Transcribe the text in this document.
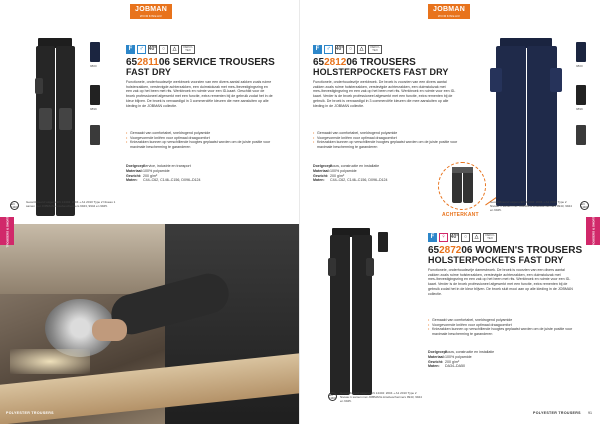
JOBMAN
WORKWEAR
9800
9899
F	♂ 40°	○	△	OEKO-TEX
65281106 SERVICE TROUSERS
FAST DRY
Functionele, onderhoudsvrije werkbroek voorzien van een divers aantal zakken zoals ruime holsterzakken, verstevigde achterzakken, een duimstokzak met mes-/bevestigingsring en een zak op het been met rits. Werkbroek en ruimte voor een ID-kaart. Geschikt voor de broek professioneel afgewerkt met een functie, extra rementen bij de gebruik zodat het in de kleur blijven. De broek is vervaardigd in 3 commerciële kleuren die mee aansluiten op alle kleding in de JOBMAN collectie.
• Gemaakt van comfortabel, sneldrogend polyamide
• Voorgevormde kniëen voor optimaal draagcomfort
• Kniezakken kunnen op verschillende hoogtes geplaatst worden om de juiste positie voor maximale bescherming te garanderen
Doelgroep:
Service, industrie en transport
Materiaal: 100% polyamide
Gewicht: 200 g/m²
Maten:	C44–C62, C146–C156, D096–D124
Gecertificeerd volgens EN 14404: 2004 + A1 2010 Type 2 Niveau 1 samen met JOBMANs kniebeschermers 9943, 9944 en 9945.
EN 14404
JOBMAN
WORKWEAR
F	♂ 40°	○	△	OEKO-TEX
65281206 TROUSERS
HOLSTERPOCKETS FAST DRY
Functionele, onderhoudsvrije werkbroek. De broek is voorzien van een divers aantal zakken zoals ruime holsterzakken, verstevigde achterzakken, een duimstokzak met mes-/bevestigingsring en een zak op het been met rits. Werkbroek en ruimte voor een ID-kaart. Verder is de broek professioneel afgewerkt met een functie, extra rementen bij de gebruik. De broek is vervaardigd in 3 commerciële kleuren die mee aansluiten op alle kleding in de JOBMAN collectie.
• Gemaakt van comfortabel, sneldrogend polyamide
• Voorgevormde kniëen voor optimaal draagcomfort
• Kniezakken kunnen op verschillende hoogtes geplaatst worden om de juiste positie voor maximale bescherming te garanderen
Doelgroep:
Bouw, constructie en installatie
Materiaal: 100% polyamide
Gewicht: 200 g/m²
Maten:	C44–C62, C146–C156, D096–D124
ACHTERKANT
9800
9899
Gecertificeerd volgens EN 14404: 2004 + A1 2010 Type 2 Niveau 1 samen met JOBMANs kniebeschermers 9943, 9944 en 9945.
EN 14404
F	♀ 40°	○	△	OEKO-TEX
65287206 WOMEN'S TROUSERS
HOLSTERPOCKETS FAST DRY
Functionele, onderhoudsvrije damesbroek. De broek is voorzien van een divers aantal zakken zoals ruime holsterzakken, verstevigde achterzakken, een duimstokzak met mes-/bevestigingsring en een zak op het been met rits. Werkbroek en ruimte voor een ID-kaart. Verder is de broek professioneel afgewerkt met een functie, extra rementen bij de gebruik zodat het in de kleur blijven. De broek sluit mooi aan op alle kleding in de JOBMAN collectie.
• Gemaakt van comfortabel, sneldrogend polyamide
• Voorgevormde kniëen voor optimaal draagcomfort
• Kniezakken kunnen op verschillende hoogtes geplaatst worden om de juiste positie voor maximale bescherming te garanderen
Doelgroep:
Bouw, constructie en installatie
Materiaal: 100% polyamide
Gewicht: 200 g/m²
Maten:	DA34–DA50
Gecertificeerd volgens EN 14404: 2004 + A1 2010 Type 2 Niveau 1 samen met JOBMANs kniebeschermers 9943, 9944 en 9945.
EN 14404
TROUSERS & SHORTS	TROUSERS & SHORTS
POLYESTER TROUSERS	POLYESTER TROUSERS 91
